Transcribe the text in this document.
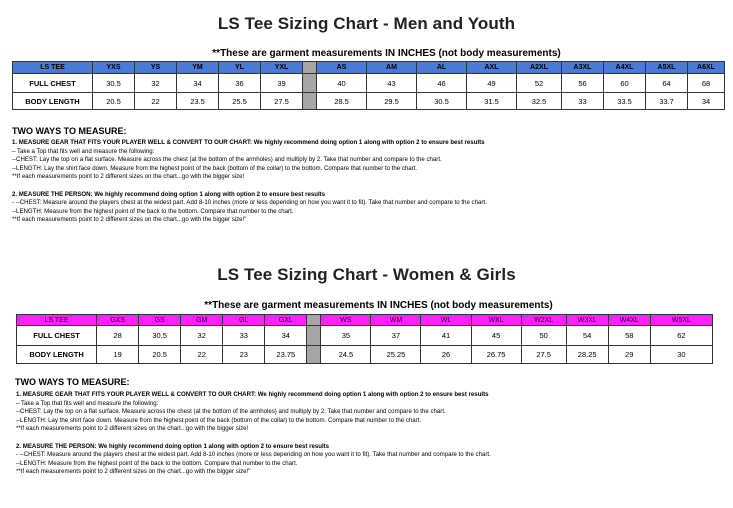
LS Tee Sizing Chart - Men and Youth
**These are garment measurements IN INCHES (not body measurements)
LS TEE	YXS	YS	YM	YL	YXL		AS	AM	AL	AXL	A2XL	A3XL	A4XL	A5XL	A6XL
FULL CHEST	30.5	32	34	36	39		40	43	46	49	52	56	60	64	68
BODY LENGTH	20.5	22	23.5	25.5	27.5		28.5	29.5	30.5	31.5	32.5	33	33.5	33.7	34
TWO WAYS TO MEASURE:
1. MEASURE GEAR THAT FITS YOUR PLAYER WELL & CONVERT TO OUR CHART: We highly recommend doing option 1 along with option 2 to ensure best results
– Take a Top that fits well and measure the following:
--CHEST: Lay the top on a flat surface. Measure across the chest (at the bottom of the armholes) and multiply by 2. Take that number and compare to the chart.
--LENGTH: Lay the shirt face down. Measure from the highest point of the back (bottom of the collar) to the bottom. Compare that number to the chart.
**If each measurements point to 2 different sizes on the chart...go with the bigger size!

2. MEASURE THE PERSON: We highly recommend doing option 1 along with option 2 to ensure best results
- --CHEST: Measure around the players chest at the widest part. Add 8-10 inches (more or less depending on how you want it to fit). Take that number and compare to the chart.
--LENGTH: Measure from the highest point of the back to the bottom. Compare that number to the chart.
**If each measurements point to 2 different sizes on the chart...go with the bigger size!"
LS Tee Sizing Chart - Women & Girls
**These are garment measurements IN INCHES (not body measurements)
LS TEE	GXS	GS	GM	GL	GXL		WS	WM	WL	WXL	W2XL	W3XL	W4XL	W5XL
FULL CHEST	28	30.5	32	33	34		35	37	41	45	50	54	58	62
BODY LENGTH	19	20.5	22	23	23.75		24.5	25.25	26	26.75	27.5	28.25	29	30
TWO WAYS TO MEASURE:
1. MEASURE GEAR THAT FITS YOUR PLAYER WELL & CONVERT TO OUR CHART: We highly recommend doing option 1 along with option 2 to ensure best results
– Take a Top that fits well and measure the following:
--CHEST: Lay the top on a flat surface. Measure across the chest (at the bottom of the armholes) and multiply by 2. Take that number and compare to the chart.
--LENGTH: Lay the shirt face down. Measure from the highest point of the back (bottom of the collar) to the bottom. Compare that number to the chart.
**If each measurements point to 2 different sizes on the chart...go with the bigger size!

2. MEASURE THE PERSON: We highly recommend doing option 1 along with option 2 to ensure best results
- --CHEST: Measure around the players chest at the widest part. Add 8-10 inches (more or less depending on how you want it to fit). Take that number and compare to the chart.
--LENGTH: Measure from the highest point of the back to the bottom. Compare that number to the chart.
**If each measurements point to 2 different sizes on the chart...go with the bigger size!"
